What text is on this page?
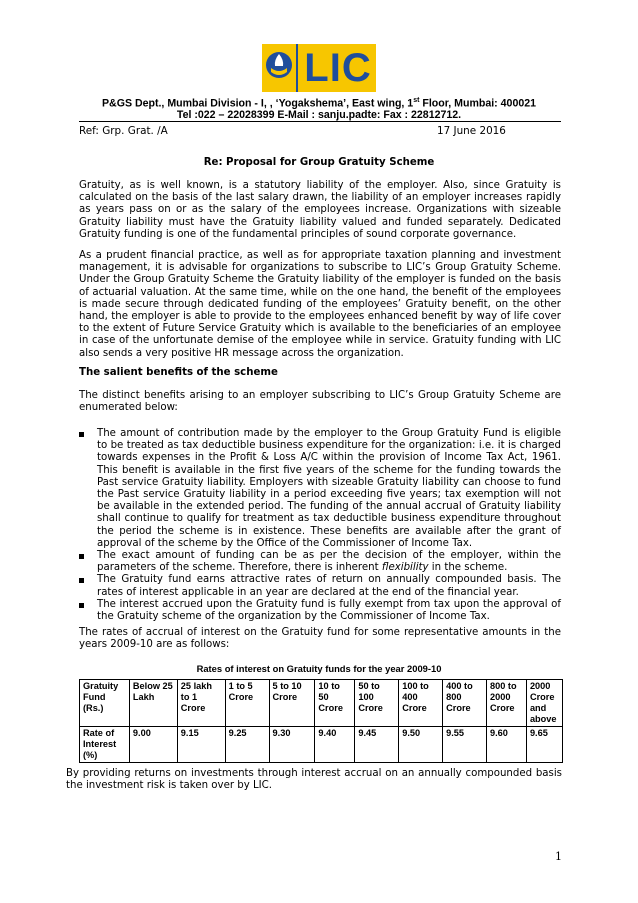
LIC
P&GS Dept., Mumbai Division - I, , ‘Yogakshema’, East wing, 1st Floor, Mumbai: 400021
Tel :022 – 22028399 E-Mail : sanju.padte: Fax : 22812712.
Ref: Grp. Grat. /A	17 June 2016
Re: Proposal for Group Gratuity Scheme
Gratuity, as is well known, is a statutory liability of the employer. Also, since Gratuity is calculated on the basis of the last salary drawn, the liability of an employer increases rapidly as years pass on or as the salary of the employees increase. Organizations with sizeable Gratuity liability must have the Gratuity liability valued and funded separately. Dedicated Gratuity funding is one of the fundamental principles of sound corporate governance.
As a prudent financial practice, as well as for appropriate taxation planning and investment management, it is advisable for organizations to subscribe to LIC’s Group Gratuity Scheme. Under the Group Gratuity Scheme the Gratuity liability of the employer is funded on the basis of actuarial valuation. At the same time, while on the one hand, the benefit of the employees is made secure through dedicated funding of the employees’ Gratuity benefit, on the other hand, the employer is able to provide to the employees enhanced benefit by way of life cover to the extent of Future Service Gratuity which is available to the beneficiaries of an employee in case of the unfortunate demise of the employee while in service. Gratuity funding with LIC also sends a very positive HR message across the organization.
The salient benefits of the scheme
The distinct benefits arising to an employer subscribing to LIC’s Group Gratuity Scheme are enumerated below:
The amount of contribution made by the employer to the Group Gratuity Fund is eligible to be treated as tax deductible business expenditure for the organization: i.e. it is charged towards expenses in the Profit & Loss A/C within the provision of Income Tax Act, 1961. This benefit is available in the first five years of the scheme for the funding towards the Past service Gratuity liability. Employers with sizeable Gratuity liability can choose to fund the Past service Gratuity liability in a period exceeding five years; tax exemption will not be available in the extended period. The funding of the annual accrual of Gratuity liability shall continue to qualify for treatment as tax deductible business expenditure throughout the period the scheme is in existence. These benefits are available after the grant of approval of the scheme by the Office of the Commissioner of Income Tax.
The exact amount of funding can be as per the decision of the employer, within the parameters of the scheme. Therefore, there is inherent flexibility in the scheme.
The Gratuity fund earns attractive rates of return on annually compounded basis. The rates of interest applicable in an year are declared at the end of the financial year.
The interest accrued upon the Gratuity fund is fully exempt from tax upon the approval of the Gratuity scheme of the organization by the Commissioner of Income Tax.
The rates of accrual of interest on the Gratuity fund for some representative amounts in the years 2009-10 are as follows:
Rates of interest on Gratuity funds for the year 2009-10
Gratuity Fund (Rs.)	Below 25 Lakh	25 lakh to 1 Crore	1 to 5 Crore	5 to 10 Crore	10 to 50 Crore	50 to 100 Crore	100 to 400 Crore	400 to 800 Crore	800 to 2000 Crore	2000 Crore and above
Rate of Interest (%)	9.00	9.15	9.25	9.30	9.40	9.45	9.50	9.55	9.60	9.65
By providing returns on investments through interest accrual on an annually compounded basis the investment risk is taken over by LIC.
1
